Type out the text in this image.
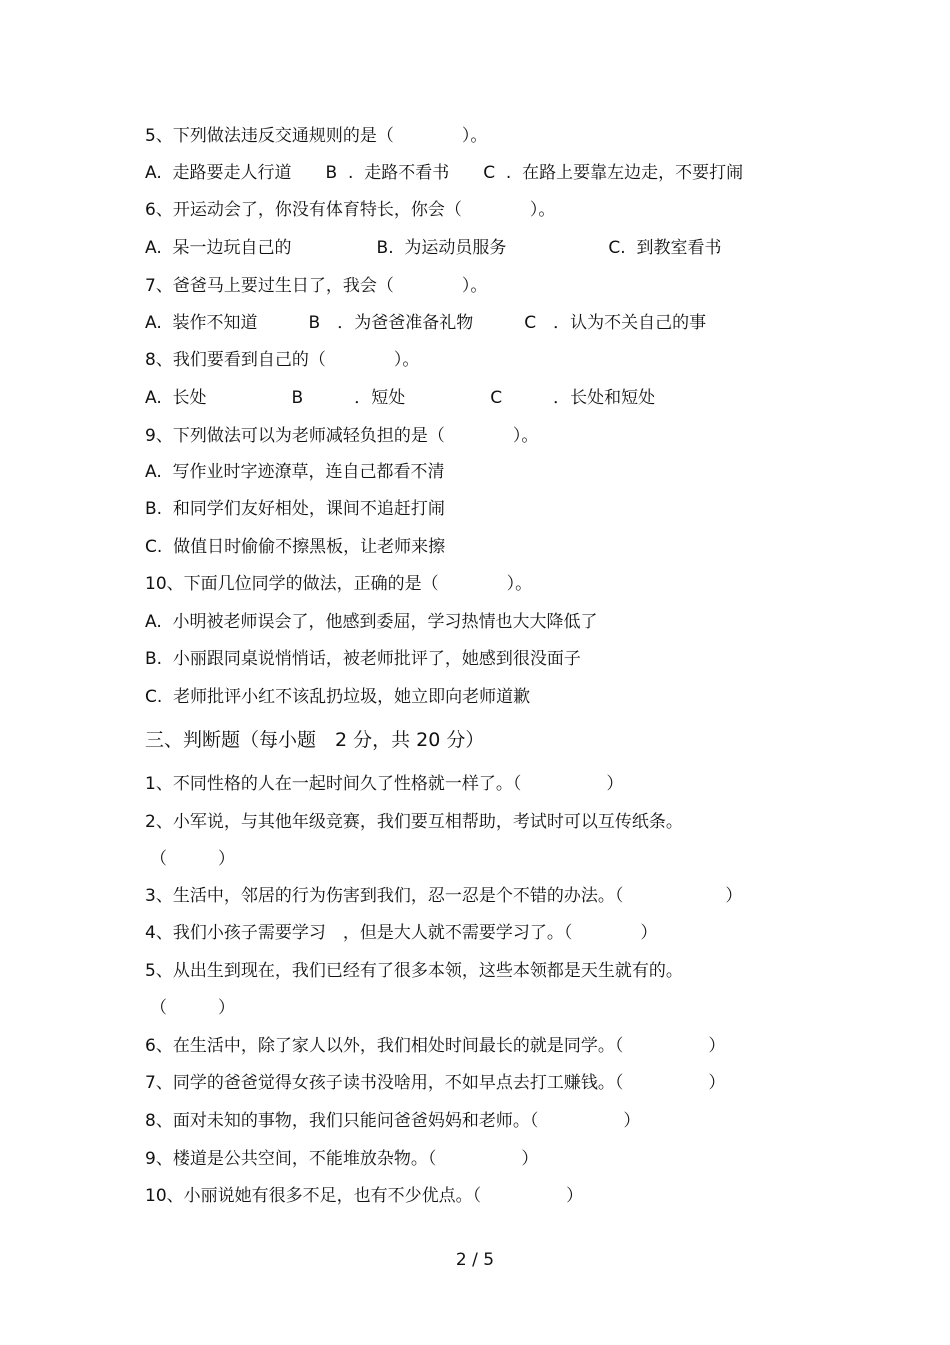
5、下列做法违反交通规则的是（　　　　）。
A.  走路要走人行道　　B  .  走路不看书　　C  .  在路上要靠左边走，不要打闹
6、开运动会了，你没有体育特长，你会（　　　　）。
A.  呆一边玩自己的　　　　　B.  为运动员服务　　　　　　C.  到教室看书
7、爸爸马上要过生日了，我会（　　　　）。
A.  装作不知道　　　B　．为爸爸准备礼物　　　C　．认为不关自己的事
8、我们要看到自己的（　　　　）。
A.  长处　　　　　B　　　．短处　　　　　C　　　．长处和短处
9、下列做法可以为老师减轻负担的是（　　　　）。
A.  写作业时字迹潦草，连自己都看不清
B.  和同学们友好相处，课间不追赶打闹
C.  做值日时偷偷不擦黑板，让老师来擦
10、下面几位同学的做法，正确的是（　　　　）。
A.  小明被老师误会了，他感到委屈，学习热情也大大降低了
B.  小丽跟同桌说悄悄话，被老师批评了，她感到很没面子
C.  老师批评小红不该乱扔垃圾，她立即向老师道歉
三、判断题（每小题　2 分，共 20 分）
1、不同性格的人在一起时间久了性格就一样了。（　　　　　）
2、小军说，与其他年级竞赛，我们要互相帮助，考试时可以互传纸条。
（　　　）
3、生活中，邻居的行为伤害到我们，忍一忍是个不错的办法。（　　　　　　）
4、我们小孩子需要学习　，但是大人就不需要学习了。（　　　　）
5、从出生到现在，我们已经有了很多本领，这些本领都是天生就有的。
（　　　）
6、在生活中，除了家人以外，我们相处时间最长的就是同学。（　　　　　）
7、同学的爸爸觉得女孩子读书没啥用，不如早点去打工赚钱。（　　　　　）
8、面对未知的事物，我们只能问爸爸妈妈和老师。（　　　　　）
9、楼道是公共空间，不能堆放杂物。（　　　　　）
10、小丽说她有很多不足，也有不少优点。（　　　　　）
2 / 5
